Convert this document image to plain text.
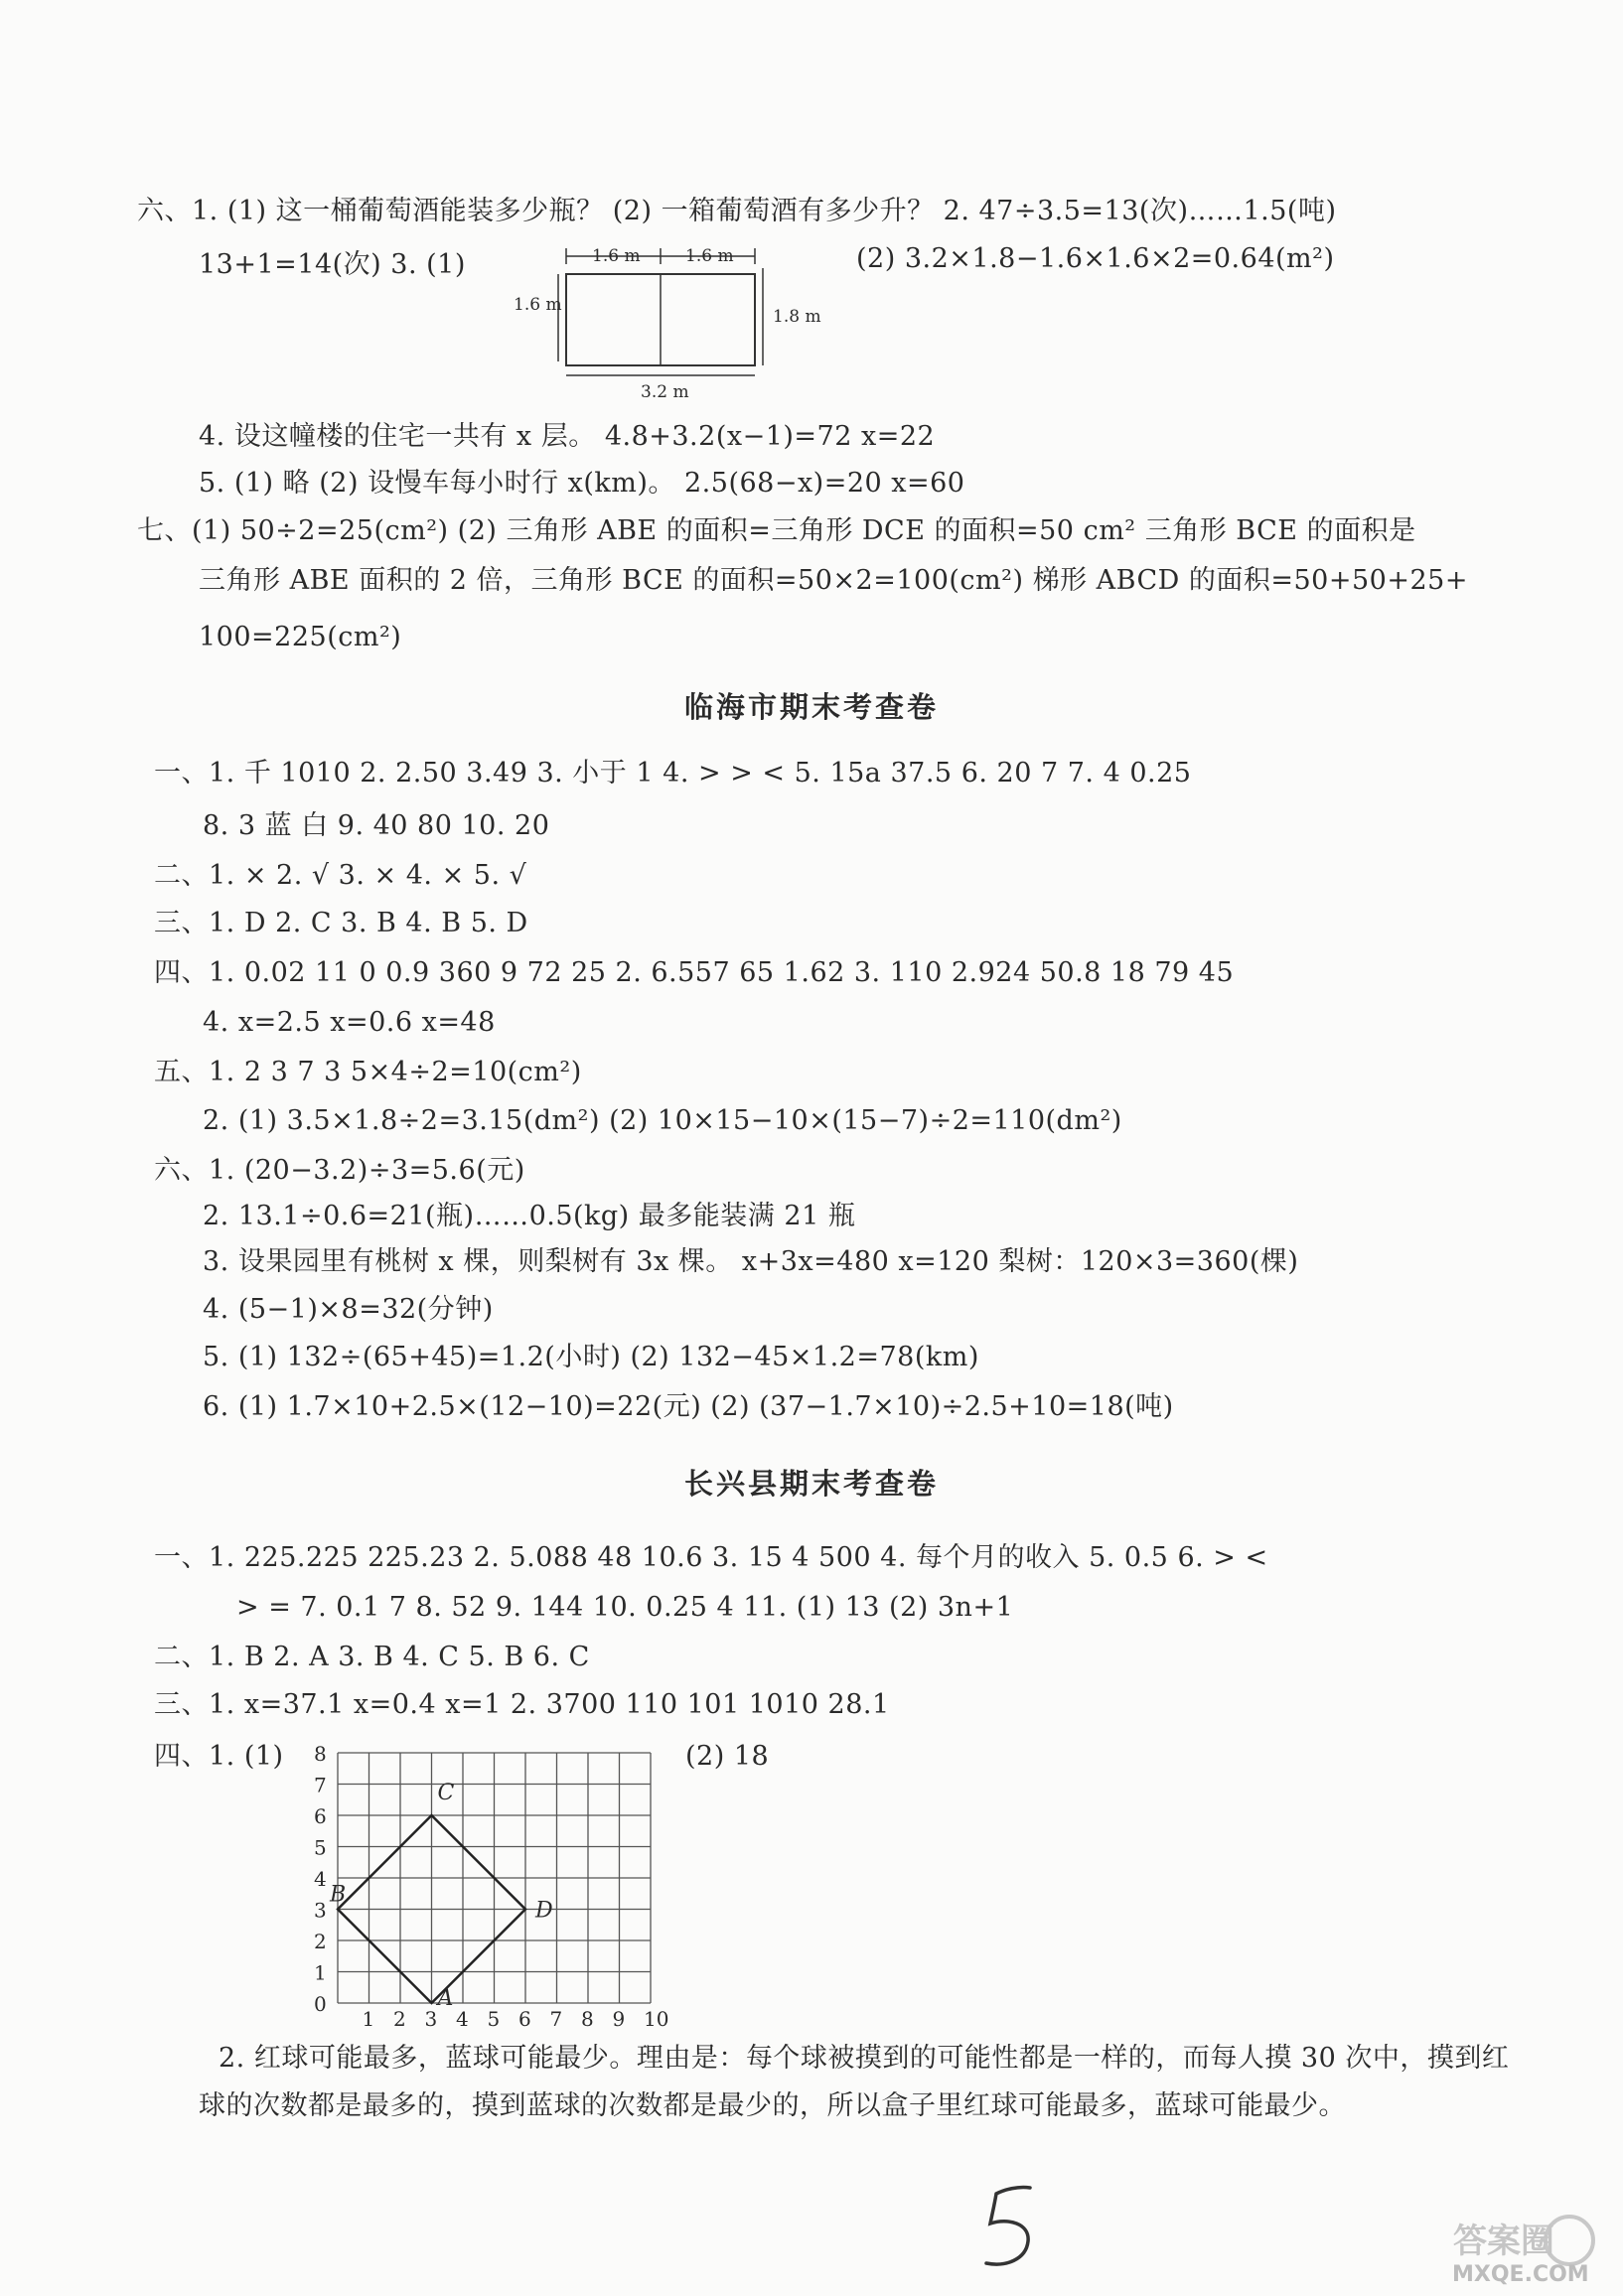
六、1. (1) 这一桶葡萄酒能装多少瓶？ (2) 一箱葡萄酒有多少升？ 2. 47÷3.5=13(次)……1.5(吨)
13+1=14(次) 3. (1)	(2) 3.2×1.8−1.6×1.6×2=0.64(m²)
1.6 m	1.6 m
1.6 m
1.8 m
3.2 m
4. 设这幢楼的住宅一共有 x 层。 4.8+3.2(x−1)=72 x=22
5. (1) 略 (2) 设慢车每小时行 x(km)。 2.5(68−x)=20 x=60
七、(1) 50÷2=25(cm²) (2) 三角形 ABE 的面积=三角形 DCE 的面积=50 cm² 三角形 BCE 的面积是
三角形 ABE 面积的 2 倍，三角形 BCE 的面积=50×2=100(cm²) 梯形 ABCD 的面积=50+50+25+
100=225(cm²)
临海市期末考查卷
一、1. 千 1010 2. 2.50 3.49 3. 小于 1 4. > > < 5. 15a 37.5 6. 20 7 7. 4 0.25
8. 3 蓝 白 9. 40 80 10. 20
二、1. × 2. √ 3. × 4. × 5. √
三、1. D 2. C 3. B 4. B 5. D
四、1. 0.02 11 0 0.9 360 9 72 25 2. 6.557 65 1.62 3. 110 2.924 50.8 18 79 45
4. x=2.5 x=0.6 x=48
五、1. 2 3 7 3 5×4÷2=10(cm²)
2. (1) 3.5×1.8÷2=3.15(dm²) (2) 10×15−10×(15−7)÷2=110(dm²)
六、1. (20−3.2)÷3=5.6(元)
2. 13.1÷0.6=21(瓶)……0.5(kg) 最多能装满 21 瓶
3. 设果园里有桃树 x 棵，则梨树有 3x 棵。 x+3x=480 x=120 梨树：120×3=360(棵)
4. (5−1)×8=32(分钟)
5. (1) 132÷(65+45)=1.2(小时) (2) 132−45×1.2=78(km)
6. (1) 1.7×10+2.5×(12−10)=22(元) (2) (37−1.7×10)÷2.5+10=18(吨)
长兴县期末考查卷
一、1. 225.225 225.23 2. 5.088 48 10.6 3. 15 4 500 4. 每个月的收入 5. 0.5 6. > <
> = 7. 0.1 7 8. 52 9. 144 10. 0.25 4 11. (1) 13 (2) 3n+1
二、1. B 2. A 3. B 4. C 5. B 6. C
三、1. x=37.1 x=0.4 x=1 2. 3700 110 101 1010 28.1
四、1. (1)	(2) 18
1 2 3 4 5 6 7 8 9 10
0
1
2
3
4
5
6
7
8
A
B
C
D
2. 红球可能最多，蓝球可能最少。理由是：每个球被摸到的可能性都是一样的，而每人摸 30 次中，摸到红
球的次数都是最多的，摸到蓝球的次数都是最少的，所以盒子里红球可能最多，蓝球可能最少。
5
答案圈
MXQE.COM
